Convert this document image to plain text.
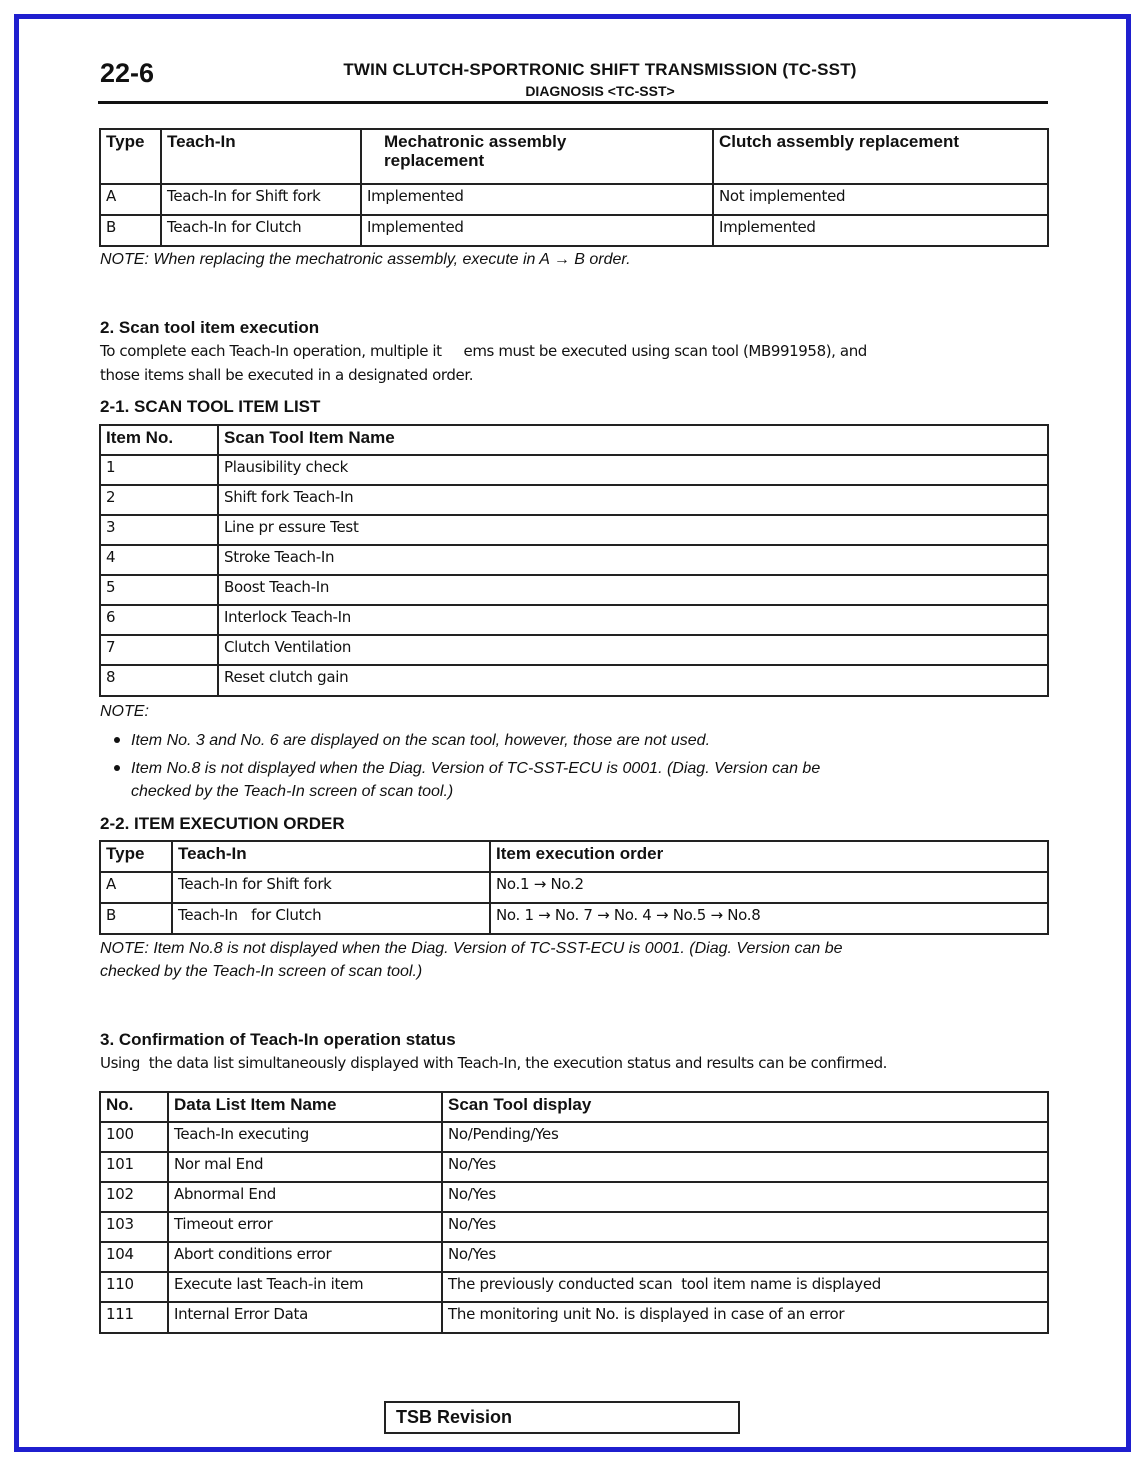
22-6	TWIN CLUTCH-SPORTRONIC SHIFT TRANSMISSION (TC-SST)
DIAGNOSIS <TC-SST>
Type	Teach-In	Mechatronic assembly replacement	Clutch assembly replacement
A	Teach-In for Shift fork	Implemented	Not implemented
B	Teach-In for Clutch	Implemented	Implemented
NOTE: When replacing the mechatronic assembly, execute in A → B order.
2. Scan tool item execution
To complete each Teach-In operation, multiple it     ems must be executed using scan tool (MB991958), and
those items shall be executed in a designated order.
2-1. SCAN TOOL ITEM LIST
Item No.	Scan Tool Item Name
1	Plausibility check
2	Shift fork Teach-In
3	Line pr essure Test
4	Stroke Teach-In
5	Boost Teach-In
6	Interlock Teach-In
7	Clutch Ventilation
8	Reset clutch gain
NOTE:
Item No. 3 and No. 6 are displayed on the scan tool, however, those are not used.
Item No.8 is not displayed when the Diag. Version of TC-SST-ECU is 0001. (Diag. Version can be
checked by the Teach-In screen of scan tool.)
2-2. ITEM EXECUTION ORDER
Type	Teach-In	Item execution order
A	Teach-In for Shift fork	No.1 → No.2
B	Teach-In   for Clutch	No. 1 → No. 7 → No. 4 → No.5 → No.8
NOTE: Item No.8 is not displayed when the Diag. Version of TC-SST-ECU is 0001. (Diag. Version can be
checked by the Teach-In screen of scan tool.)
3. Confirmation of Teach-In operation status
Using  the data list simultaneously displayed with Teach-In, the execution status and results can be confirmed.
No.	Data List Item Name	Scan Tool display
100	Teach-In executing	No/Pending/Yes
101	Nor mal End	No/Yes
102	Abnormal End	No/Yes
103	Timeout error	No/Yes
104	Abort conditions error	No/Yes
110	Execute last Teach-in item	The previously conducted scan  tool item name is displayed
111	Internal Error Data	The monitoring unit No. is displayed in case of an error
TSB Revision
